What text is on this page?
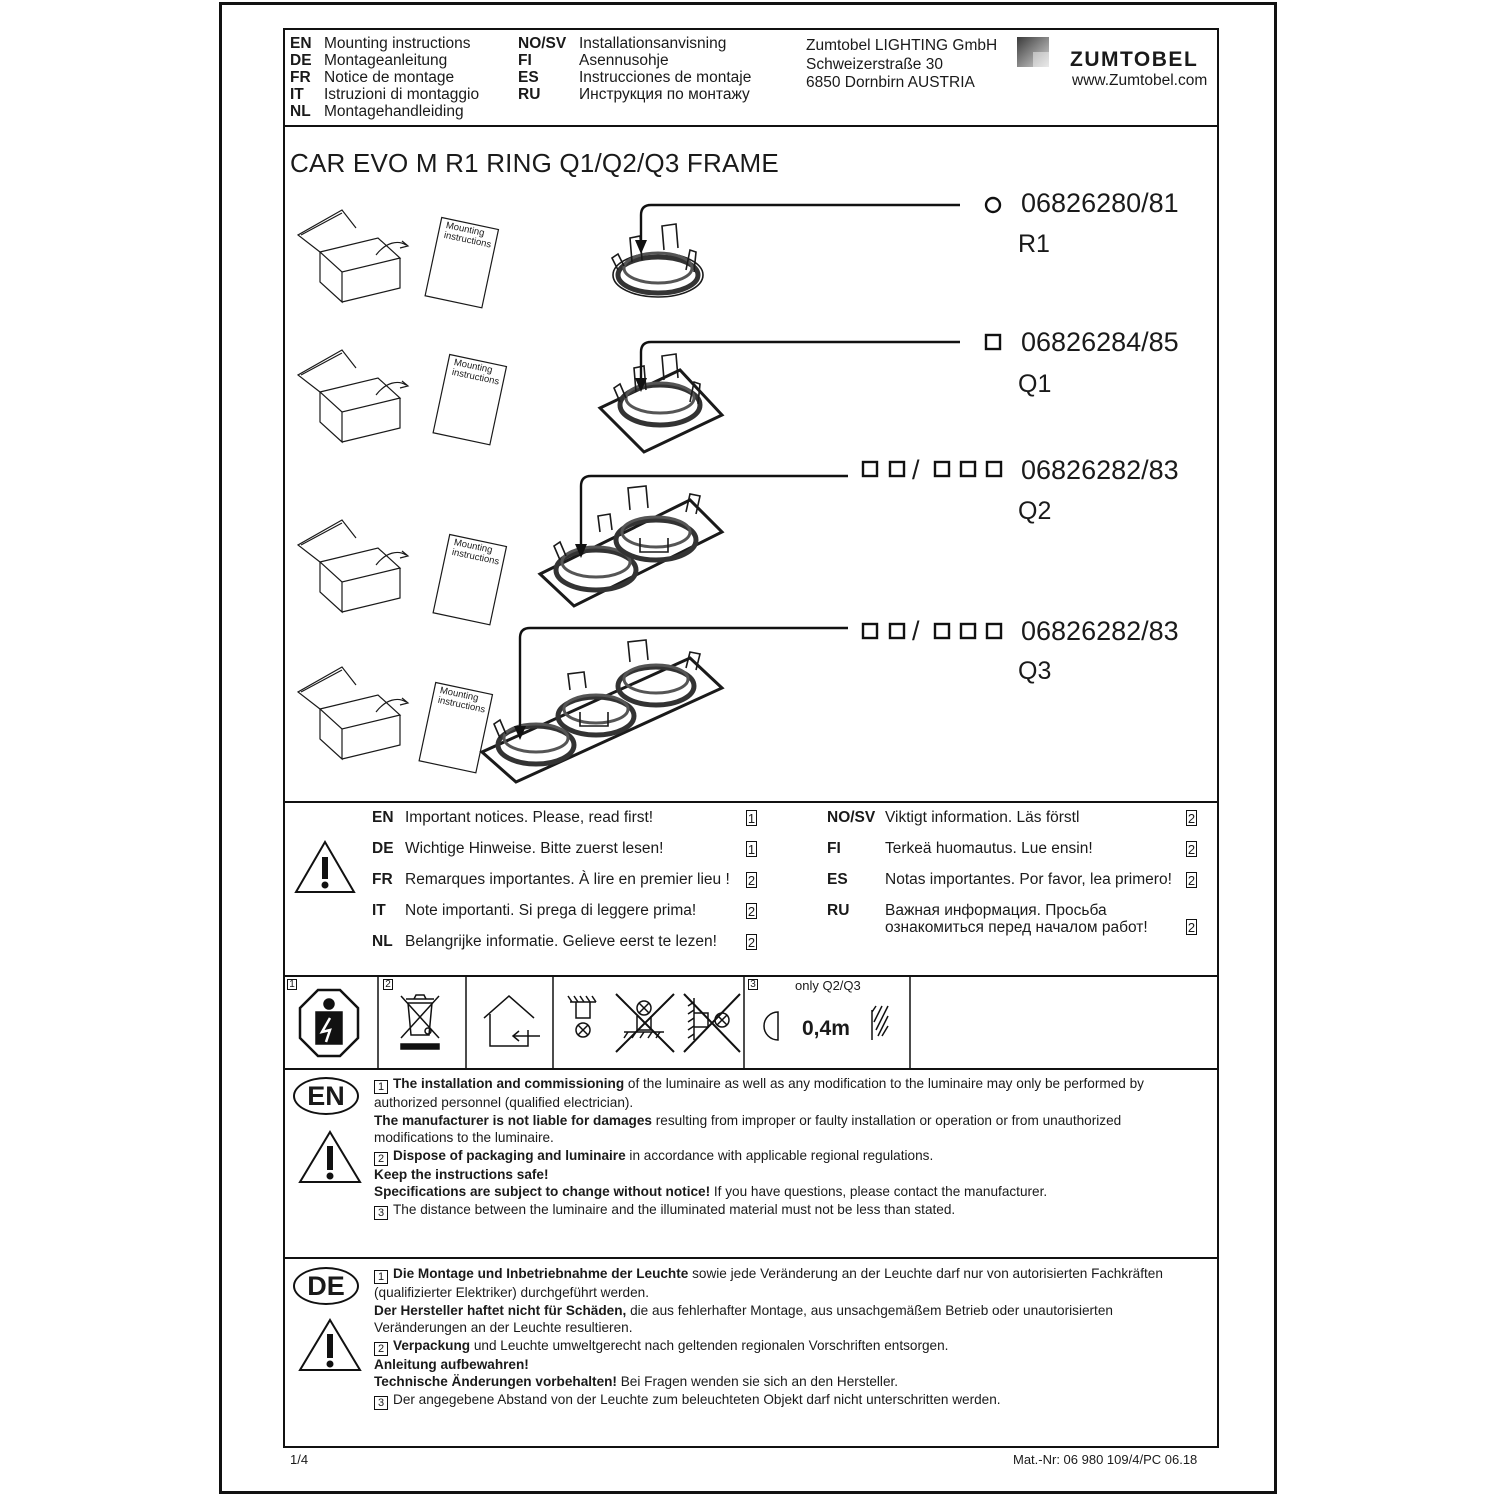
EN Mounting instructions
DE Montageanleitung
FR Notice de montage
IT Istruzioni di montaggio
NL Montagehandleiding
NO/SV Installationsanvisning
FI	Asennusohje
ES	Instrucciones de montaje
RU Инструкция по монтажу
Zumtobel LIGHTING GmbH
Schweizerstraße 30
6850 Dornbirn AUSTRIA
ZUMTOBEL
www.Zumtobel.com
CAR EVO M R1 RING Q1/Q2/Q3 FRAME
Mounting instructions
Mounting instructions
Mounting instructions
Mounting instructions
06826280/81
R1
06826284/85
Q1
/	06826282/83
Q2
/	06826282/83
Q3
EN Important notices. Please, read first!	1
DE Wichtige Hinweise. Bitte zuerst lesen!	1
FR Remarques importantes. À lire en premier lieu ! 2
IT Note importanti. Si prega di leggere prima!	2
NL Belangrijke informatie. Gelieve eerst te lezen! 2
NO/SV Viktigt information. Läs förstl	2
FI	Terkeä huomautus. Lue ensin!	2
ES Notas importantes. Por favor, lea primero! 2
RU Важная информация. Просьба
ознакомиться перед началом работ!	2
1	2	3	only Q2/Q3
0,4m
EN	1 The installation and commissioning of the luminaire as well as any modification to the luminaire may only be performed by authorized personnel (qualified electrician).
The manufacturer is not liable for damages resulting from improper or faulty installation or operation or from unauthorized modifications to the luminaire.
2 Dispose of packaging and luminaire in accordance with applicable regional regulations.
Keep the instructions safe!
Specifications are subject to change without notice! If you have questions, please contact the manufacturer.
3 The distance between the luminaire and the illuminated material must not be less than stated.
DE	1 Die Montage und Inbetriebnahme der Leuchte sowie jede Veränderung an der Leuchte darf nur von autorisierten Fachkräften (qualifizierter Elektriker) durchgeführt werden.
Der Hersteller haftet nicht für Schäden, die aus fehlerhafter Montage, aus unsachgemäßem Betrieb oder unautorisierten Veränderungen an der Leuchte resultieren.
2 Verpackung und Leuchte umweltgerecht nach geltenden regionalen Vorschriften entsorgen.
Anleitung aufbewahren!
Technische Änderungen vorbehalten! Bei Fragen wenden sie sich an den Hersteller.
3 Der angegebene Abstand von der Leuchte zum beleuchteten Objekt darf nicht unterschritten werden.
1/4	Mat.-Nr: 06 980 109/4/PC 06.18
